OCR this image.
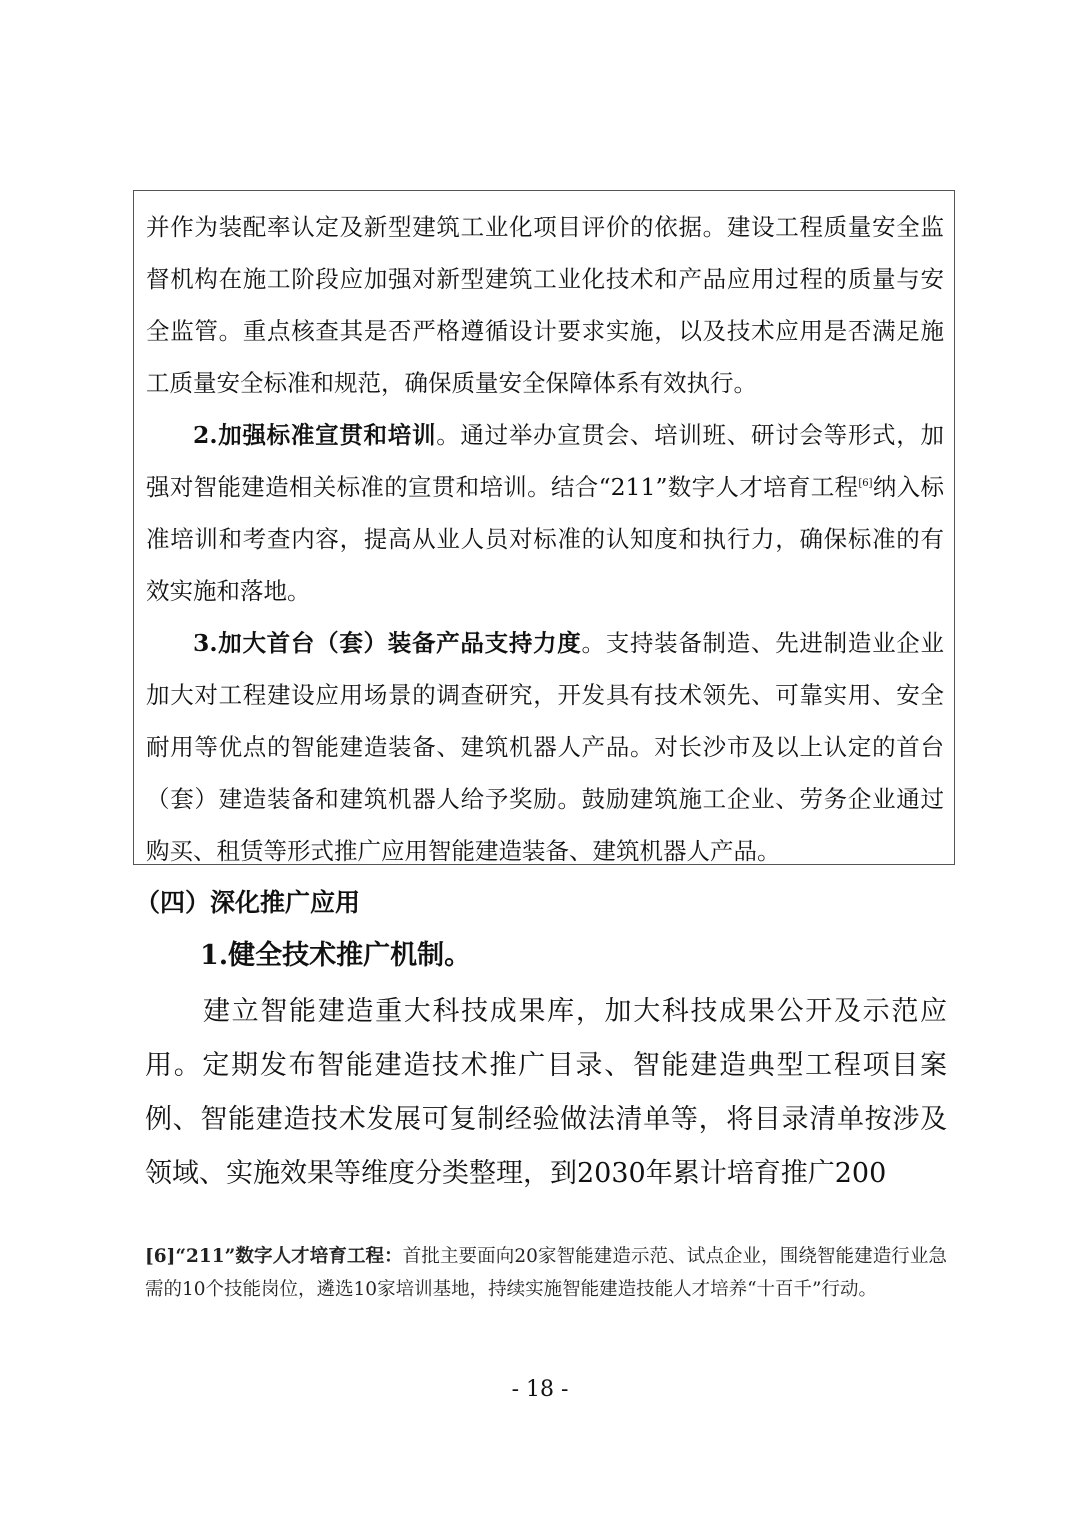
并作为装配率认定及新型建筑工业化项目评价的依据。建设工程质量安全监督机构在施工阶段应加强对新型建筑工业化技术和产品应用过程的质量与安全监管。重点核查其是否严格遵循设计要求实施，以及技术应用是否满足施工质量安全标准和规范，确保质量安全保障体系有效执行。

2.加强标准宣贯和培训。通过举办宣贯会、培训班、研讨会等形式，加强对智能建造相关标准的宣贯和培训。结合“211”数字人才培育工程[6]纳入标准培训和考查内容，提高从业人员对标准的认知度和执行力，确保标准的有效实施和落地。

3.加大首台（套）装备产品支持力度。支持装备制造、先进制造业企业加大对工程建设应用场景的调查研究，开发具有技术领先、可靠实用、安全耐用等优点的智能建造装备、建筑机器人产品。对长沙市及以上认定的首台（套）建造装备和建筑机器人给予奖励。鼓励建筑施工企业、劳务企业通过购买、租赁等形式推广应用智能建造装备、建筑机器人产品。

（四）深化推广应用

1.健全技术推广机制。

建立智能建造重大科技成果库，加大科技成果公开及示范应用。定期发布智能建造技术推广目录、智能建造典型工程项目案例、智能建造技术发展可复制经验做法清单等，将目录清单按涉及领域、实施效果等维度分类整理，到2030年累计培育推广200

[6]“211”数字人才培育工程：首批主要面向20家智能建造示范、试点企业，围绕智能建造行业急需的10个技能岗位，遴选10家培训基地，持续实施智能建造技能人才培养“十百千”行动。

- 18 -
